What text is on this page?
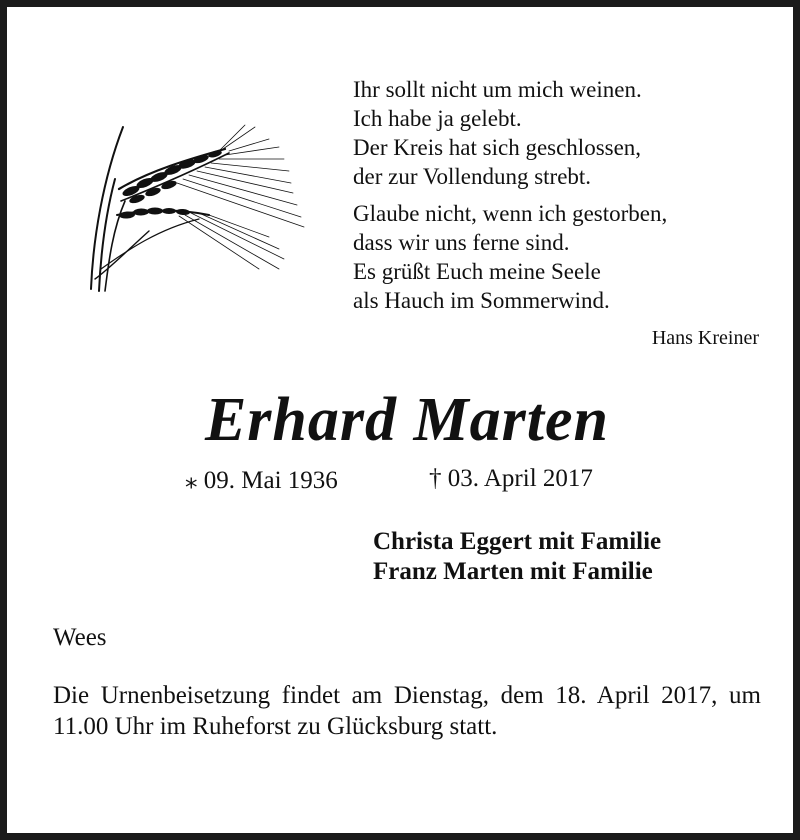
Ihr sollt nicht um mich weinen.
Ich habe ja gelebt.
Der Kreis hat sich geschlossen,
der zur Vollendung strebt.
Glaube nicht, wenn ich gestorben,
dass wir uns ferne sind.
Es grüßt Euch meine Seele
als Hauch im Sommerwind.
Hans Kreiner
Erhard Marten
⁎ 09. Mai 1936	† 03. April 2017
Christa Eggert mit Familie
Franz Marten mit Familie
Wees
Die Urnenbeisetzung findet am Dienstag, dem 18. April 2017, um 11.00 Uhr im Ruheforst zu Glücksburg statt.
